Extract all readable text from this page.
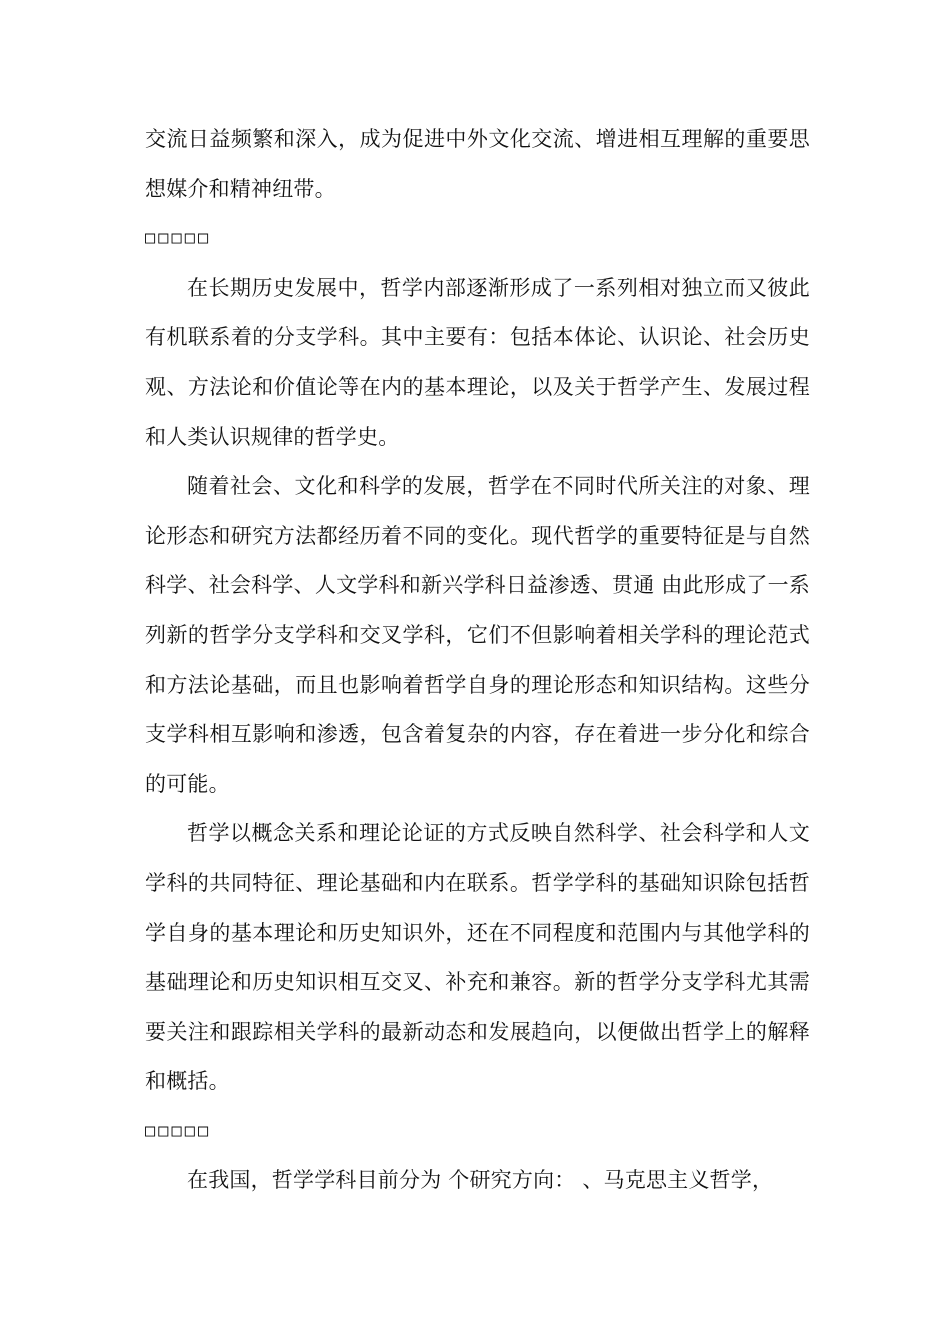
交流日益频繁和深入，成为促进中外文化交流、增进相互理解的重要思想媒介和精神纽带。

□□□□□

在长期历史发展中，哲学内部逐渐形成了一系列相对独立而又彼此有机联系着的分支学科。其中主要有：包括本体论、认识论、社会历史观、方法论和价值论等在内的基本理论，以及关于哲学产生、发展过程和人类认识规律的哲学史。

随着社会、文化和科学的发展，哲学在不同时代所关注的对象、理论形态和研究方法都经历着不同的变化。现代哲学的重要特征是与自然科学、社会科学、人文学科和新兴学科日益渗透、贯通 由此形成了一系列新的哲学分支学科和交叉学科，它们不但影响着相关学科的理论范式和方法论基础，而且也影响着哲学自身的理论形态和知识结构。这些分支学科相互影响和渗透，包含着复杂的内容，存在着进一步分化和综合的可能。

哲学以概念关系和理论论证的方式反映自然科学、社会科学和人文学科的共同特征、理论基础和内在联系。哲学学科的基础知识除包括哲学自身的基本理论和历史知识外，还在不同程度和范围内与其他学科的基础理论和历史知识相互交叉、补充和兼容。新的哲学分支学科尤其需要关注和跟踪相关学科的最新动态和发展趋向，以便做出哲学上的解释和概括。

□□□□□

在我国，哲学学科目前分为 个研究方向： 、马克思主义哲学，
